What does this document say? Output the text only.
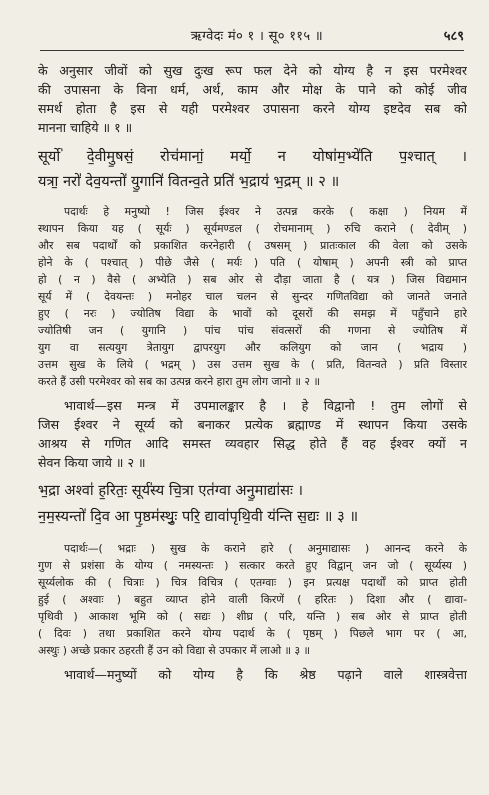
ऋग्वेदः मं० १ । सू० ११५ ॥	५८९
के अनुसार जीवों को सुख दुःख रूप फल देने को योग्य है न इस परमेश्वर
की उपासना के विना धर्म, अर्थ, काम और मोक्ष के पाने को कोई जीव
समर्थ होता है इस से यही परमेश्वर उपासना करने योग्य इष्टदेव सब को
मानना चाहिये ॥ १ ॥
सूर्यो॑ दे॒वीमु॒षसं॒ रोच॑मानां॒ मर्यो॒ न योषा॑म॒भ्ये॑ति प॒श्चात् ।
यत्रा॒ नरो॑ देव॒यन्तो॑ यु॒गानि॑ वितन्व॒ते प्रति॑ भ॒द्राय॑ भ॒द्रम् ॥ २ ॥
पदार्थः हे मनुष्यो ! जिस ईश्वर ने उत्पन्न करके ( कक्षा ) नियम में
स्थापन किया यह ( सूर्यः ) सूर्यमण्डल ( रोचमानाम् ) रुचि कराने ( देवीम् )
और सब पदार्थों को प्रकाशित करनेहारी ( उषसम् ) प्रातःकाल की वेला को उसके
होने के ( पश्चात् ) पीछे जैसे ( मर्यः ) पति ( योषाम् ) अपनी स्त्री को प्राप्त
हो ( न ) वैसे ( अभ्येति ) सब ओर से दौड़ा जाता है ( यत्र ) जिस विद्यमान
सूर्य में ( देवयन्तः ) मनोहर चाल चलन से सुन्दर गणितविद्या को जानते जनाते
हुए ( नरः ) ज्योतिष विद्या के भावों को दूसरों की समझ में पहुँचाने हारे
ज्योतिषी जन ( युगानि ) पांच पांच संवत्सरों की गणना से ज्योतिष में
युग वा सत्ययुग त्रेतायुग द्वापरयुग और कलियुग को जान ( भद्राय )
उत्तम सुख के लिये ( भद्रम् ) उस उत्तम सुख के ( प्रति, वितन्वते ) प्रति विस्तार
करते हैं उसी परमेश्वर को सब का उत्पन्न करने हारा तुम लोग जानो ॥ २ ॥
भावार्थ—इस मन्त्र में उपमालङ्कार है । हे विद्वानो ! तुम लोगों से
जिस ईश्वर ने सूर्य्य को बनाकर प्रत्येक ब्रह्माण्ड में स्थापन किया उसके
आश्रय से गणित आदि समस्त व्यवहार सिद्ध होते हैं वह ईश्वर क्यों न
सेवन किया जाये ॥ २ ॥
भ॒द्रा अश्वा॑ ह॒रितः॒ सूर्य॑स्य चि॒त्रा एत॑ग्वा अनु॒माद्या॑सः ।
न॒म॒स्यन्तो॑ दि॒व आ पृ॒ष्ठम॑स्थुः॒ परि॒ द्यावा॑पृथि॒वी य॑न्ति स॒द्यः ॥ ३ ॥
पदार्थः—( भद्राः ) सुख के कराने हारे ( अनुमाद्यासः ) आनन्द करने के
गुण से प्रशंसा के योग्य ( नमस्यन्तः ) सत्कार करते हुए विद्वान् जन जो ( सूर्य्यस्य )
सूर्य्यलोक की ( चित्राः ) चित्र विचित्र ( एतग्वाः ) इन प्रत्यक्ष पदार्थों को प्राप्त होती
हुई ( अश्वाः ) बहुत व्याप्त होने वाली किरणें ( हरितः ) दिशा और ( द्यावा-
पृथिवी ) आकाश भूमि को ( सद्यः ) शीघ्र ( परि, यन्ति ) सब ओर से प्राप्त होती
( दिवः ) तथा प्रकाशित करने योग्य पदार्थ के ( पृष्ठम् ) पिछले भाग पर ( आ,
अस्थुः ) अच्छे प्रकार ठहरती हैं उन को विद्या से उपकार में लाओ ॥ ३ ॥
भावार्थ—मनुष्यों को योग्य है कि श्रेष्ठ पढ़ाने वाले शास्त्रवेत्ता
